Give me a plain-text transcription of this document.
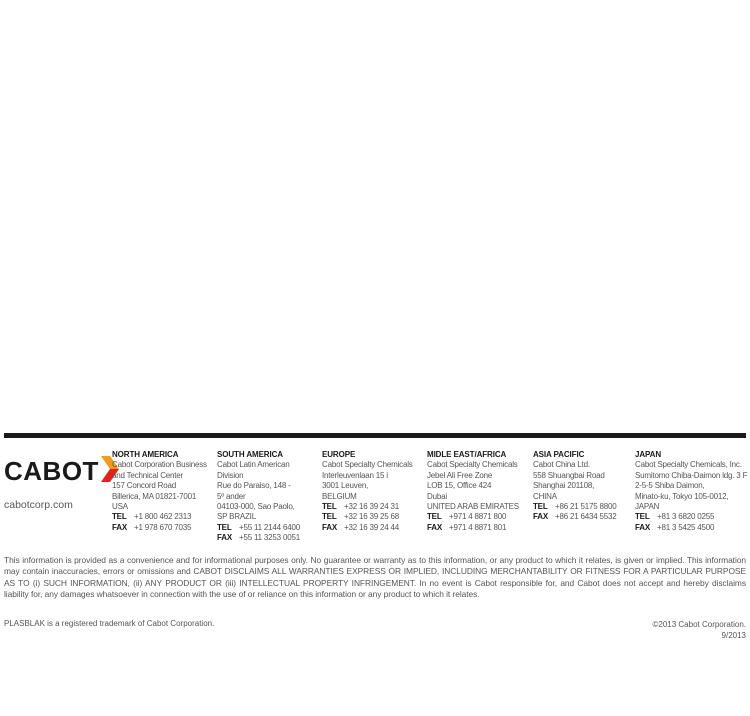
CABOT
cabotcorp.com
NORTH AMERICA
Cabot Corporation Business
and Technical Center
157 Concord Road
Billerica, MA 01821-7001
USA
TEL +1 800 462 2313
FAX +1 978 670 7035
SOUTH AMERICA
Cabot Latin American
Division
Rue do Paraiso, 148 -
5º ander
04103-000, Sao Paolo,
SP BRAZIL
TEL +55 11 2144 6400
FAX +55 11 3253 0051
EUROPE
Cabot Specialty Chemicals
Interleuvenlaan 15 i
3001 Leuven,
BELGIUM
TEL +32 16 39 24 31
TEL +32 16 39 25 68
FAX +32 16 39 24 44
MIDLE EAST/AFRICA
Cabot Specialty Chemicals
Jebel Ali Free Zone
LOB 15, Office 424
Dubai
UNITED ARAB EMIRATES
TEL +971 4 8871 800
FAX +971 4 8871 801
ASIA PACIFIC
Cabot China Ltd.
558 Shuangbai Road
Shanghai 201108,
CHINA
TEL +86 21 5175 8800
FAX +86 21 6434 5532
JAPAN
Cabot Specialty Chemicals, Inc.
Sumitomo Chiba-Daimon ldg. 3 F
2-5-5 Shiba Daimon,
Minato-ku, Tokyo 105-0012,
JAPAN
TEL +81 3 6820 0255
FAX +81 3 5425 4500
This information is provided as a convenience and for informational purposes only. No guarantee or warranty as to this information, or any product to which it relates, is given or implied. This information may contain inaccuracies, errors or omissions and CABOT DISCLAIMS ALL WARRANTIES EXPRESS OR IMPLIED, INCLUDING MERCHANTABILITY OR FITNESS FOR A PARTICULAR PURPOSE AS TO (i) SUCH INFORMATION, (ii) ANY PRODUCT OR (iii) INTELLECTUAL PROPERTY INFRINGEMENT. In no event is Cabot responsible for, and Cabot does not accept and hereby disclaims liability for, any damages whatsoever in connection with the use of or reliance on this information or any product to which it relates.
PLASBLAK is a registered trademark of Cabot Corporation.	©2013 Cabot Corporation.
9/2013
